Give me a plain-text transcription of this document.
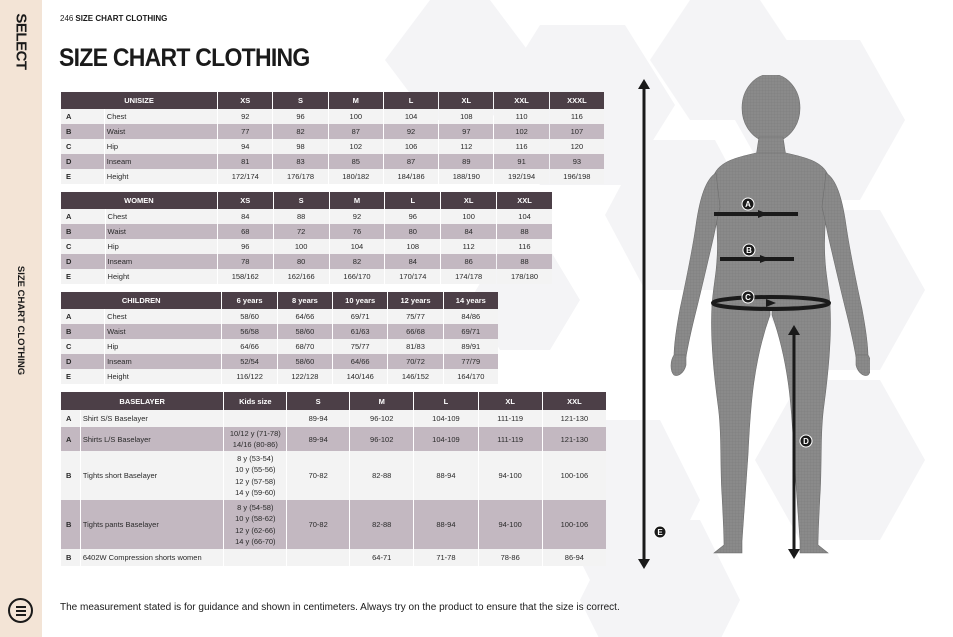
SELECT
SIZE CHART CLOTHING
246 SIZE CHART CLOTHING
SIZE CHART CLOTHING
UNISIZE		XS	S	M	L	XL	XXL	XXXL
A	Chest	92	96	100	104	108	110	116
B	Waist	77	82	87	92	97	102	107
C	Hip	94	98	102	106	112	116	120
D	Inseam	81	83	85	87	89	91	93
E	Height	172/174	176/178	180/182	184/186	188/190	192/194	196/198
WOMEN		XS	S	M	L	XL	XXL
A	Chest	84	88	92	96	100	104
B	Waist	68	72	76	80	84	88
C	Hip	96	100	104	108	112	116
D	Inseam	78	80	82	84	86	88
E	Height	158/162	162/166	166/170	170/174	174/178	178/180
CHILDREN		6 years	8 years	10 years	12 years	14 years
A	Chest	58/60	64/66	69/71	75/77	84/86
B	Waist	56/58	58/60	61/63	66/68	69/71
C	Hip	64/66	68/70	75/77	81/83	89/91
D	Inseam	52/54	58/60	64/66	70/72	77/79
E	Height	116/122	122/128	140/146	146/152	164/170
BASELAYER		Kids size	S	M	L	XL	XXL
A	Shirt S/S Baselayer		89-94	96-102	104-109	111-119	121-130
A	Shirts L/S Baselayer	10/12 y (71-78)
14/16 (80-86)	89-94	96-102	104-109	111-119	121-130
B	Tights short Baselayer	8 y (53-54)
10 y (55-56)
12 y (57-58)
14 y (59-60)	70-82	82-88	88-94	94-100	100-106
B	Tights pants Baselayer	8 y (54-58)
10 y (58-62)
12 y (62-66)
14 y (66-70)	70-82	82-88	88-94	94-100	100-106
B	6402W Compression shorts women			64-71	71-78	78-86	86-94

The measurement stated is for guidance and shown in centimeters. Always try on the product to ensure that the size is correct.

A
B
C
D
E
